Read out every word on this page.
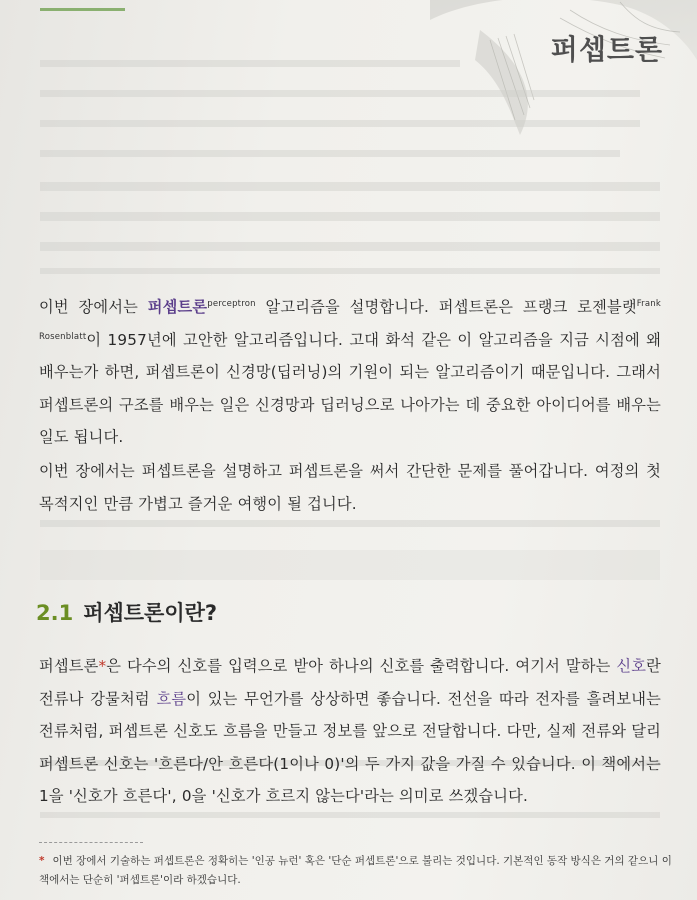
퍼셉트론
이번 장에서는 퍼셉트론$^{perceptron}$ 알고리즘을 설명합니다. 퍼셉트론은 프랭크 로젠블랫$^{Frank}$ $^{Rosenblatt}$이 1957년에 고안한 알고리즘입니다. 고대 화석 같은 이 알고리즘을 지금 시점에 왜 배우는가 하면, 퍼셉트론이 신경망(딥러닝)의 기원이 되는 알고리즘이기 때문입니다. 그래서 퍼셉트론의 구조를 배우는 일은 신경망과 딥러닝으로 나아가는 데 중요한 아이디어를 배우는 일도 됩니다.
이번 장에서는 퍼셉트론을 설명하고 퍼셉트론을 써서 간단한 문제를 풀어갑니다. 여정의 첫 목적지인 만큼 가볍고 즐거운 여행이 될 겁니다.
2.1 퍼셉트론이란?
퍼셉트론*은 다수의 신호를 입력으로 받아 하나의 신호를 출력합니다. 여기서 말하는 신호란 전류나 강물처럼 흐름이 있는 무언가를 상상하면 좋습니다. 전선을 따라 전자를 흘려보내는 전류처럼, 퍼셉트론 신호도 흐름을 만들고 정보를 앞으로 전달합니다. 다만, 실제 전류와 달리 퍼셉트론 신호는 '흐른다/안 흐른다(1이나 0)'의 두 가지 값을 가질 수 있습니다. 이 책에서는 1을 '신호가 흐른다', 0을 '신호가 흐르지 않는다'라는 의미로 쓰겠습니다.
* 이번 장에서 기술하는 퍼셉트론은 정확히는 '인공 뉴런' 혹은 '단순 퍼셉트론'으로 불리는 것입니다. 기본적인 동작 방식은 거의 같으니 이 책에서는 단순히 '퍼셉트론'이라 하겠습니다.
